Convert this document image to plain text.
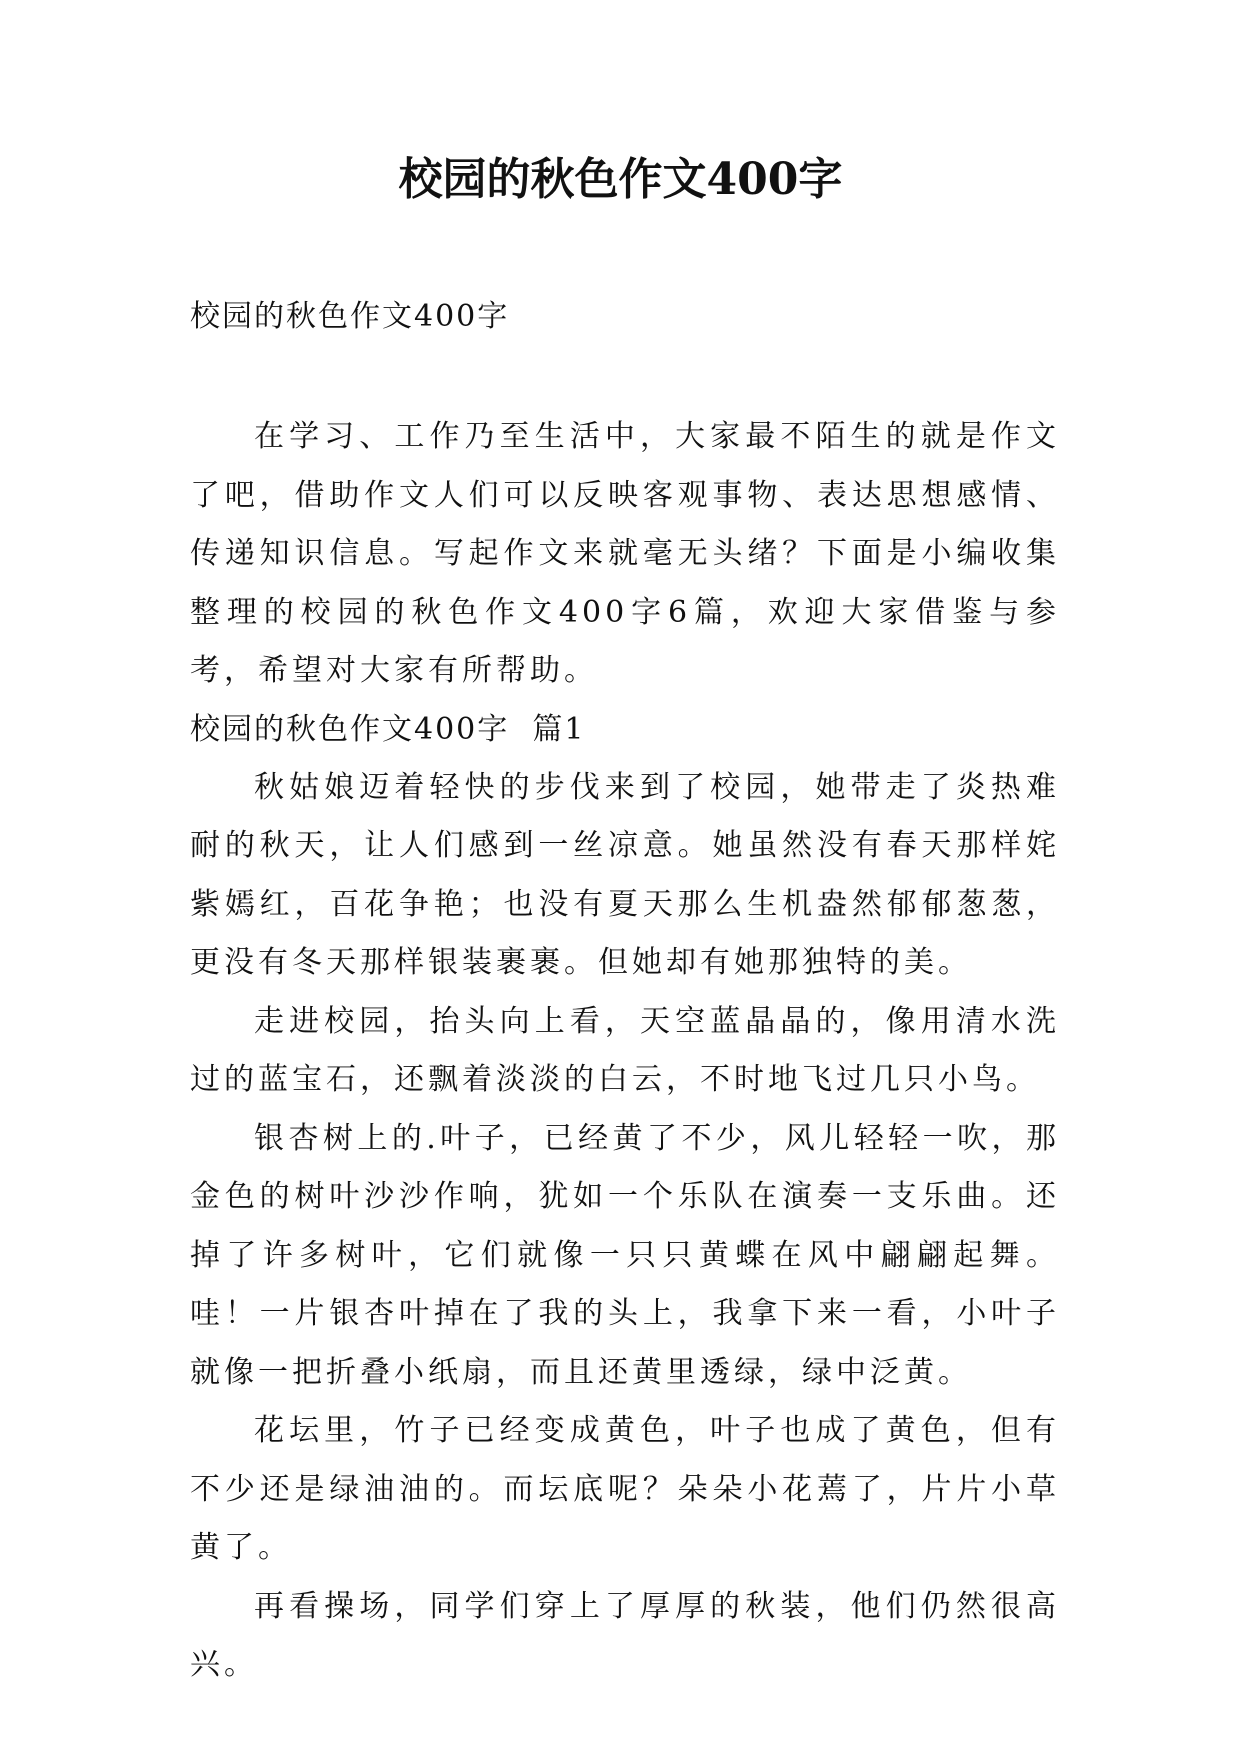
校园的秋色作文400字

校园的秋色作文400字

在学习、工作乃至生活中，大家最不陌生的就是作文了吧，借助作文人们可以反映客观事物、表达思想感情、传递知识信息。写起作文来就毫无头绪？下面是小编收集整理的校园的秋色作文400字6篇，欢迎大家借鉴与参考，希望对大家有所帮助。

校园的秋色作文400字  篇1

秋姑娘迈着轻快的步伐来到了校园，她带走了炎热难耐的秋天，让人们感到一丝凉意。她虽然没有春天那样姹紫嫣红，百花争艳；也没有夏天那么生机盎然郁郁葱葱，更没有冬天那样银装裹裹。但她却有她那独特的美。

走进校园，抬头向上看，天空蓝晶晶的，像用清水洗过的蓝宝石，还飘着淡淡的白云，不时地飞过几只小鸟。

银杏树上的.叶子，已经黄了不少，风儿轻轻一吹，那金色的树叶沙沙作响，犹如一个乐队在演奏一支乐曲。还掉了许多树叶，它们就像一只只黄蝶在风中翩翩起舞。哇！一片银杏叶掉在了我的头上，我拿下来一看，小叶子就像一把折叠小纸扇，而且还黄里透绿，绿中泛黄。

花坛里，竹子已经变成黄色，叶子也成了黄色，但有不少还是绿油油的。而坛底呢？朵朵小花蔫了，片片小草黄了。

再看操场，同学们穿上了厚厚的秋装，他们仍然很高兴。
